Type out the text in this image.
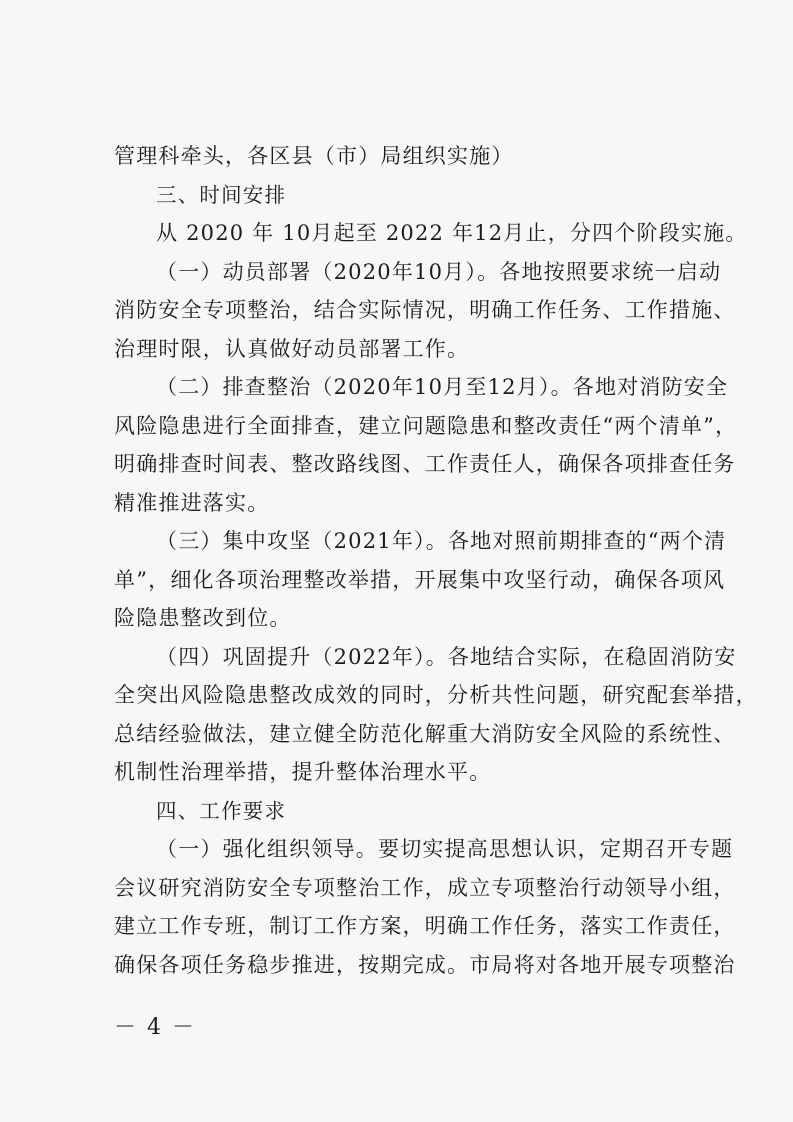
管理科牵头，各区县（市）局组织实施）
三、时间安排
从 2020 年 10月起至 2022 年12月止，分四个阶段实施。
（一）动员部署（2020年10月）。各地按照要求统一启动
消防安全专项整治，结合实际情况，明确工作任务、工作措施、
治理时限，认真做好动员部署工作。
（二）排查整治（2020年10月至12月）。各地对消防安全
风险隐患进行全面排查，建立问题隐患和整改责任“两个清单”，
明确排查时间表、整改路线图、工作责任人，确保各项排查任务
精准推进落实。
（三）集中攻坚（2021年）。各地对照前期排查的“两个清
单”，细化各项治理整改举措，开展集中攻坚行动，确保各项风
险隐患整改到位。
（四）巩固提升（2022年）。各地结合实际，在稳固消防安
全突出风险隐患整改成效的同时，分析共性问题，研究配套举措，
总结经验做法，建立健全防范化解重大消防安全风险的系统性、
机制性治理举措，提升整体治理水平。
四、工作要求
（一）强化组织领导。要切实提高思想认识，定期召开专题
会议研究消防安全专项整治工作，成立专项整治行动领导小组，
建立工作专班，制订工作方案，明确工作任务，落实工作责任，
确保各项任务稳步推进，按期完成。市局将对各地开展专项整治
－ 4 －
